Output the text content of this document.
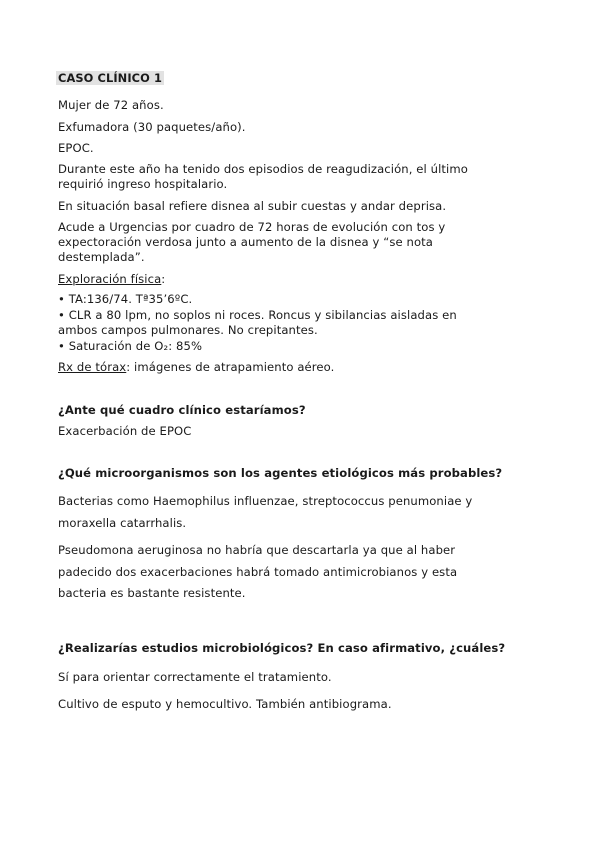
CASO CLÍNICO 1
Mujer de 72 años.
Exfumadora (30 paquetes/año).
EPOC.
Durante este año ha tenido dos episodios de reagudización, el último requirió ingreso hospitalario.
En situación basal refiere disnea al subir cuestas y andar deprisa.
Acude a Urgencias por cuadro de 72 horas de evolución con tos y expectoración verdosa junto a aumento de la disnea y “se nota destemplada”.
Exploración física:
• TA:136/74. Tª35’6ºC.
• CLR a 80 lpm, no soplos ni roces. Roncus y sibilancias aisladas en ambos campos pulmonares. No crepitantes.
• Saturación de O₂: 85%
Rx de tórax: imágenes de atrapamiento aéreo.
¿Ante qué cuadro clínico estaríamos?
Exacerbación de EPOC
¿Qué microorganismos son los agentes etiológicos más probables?
Bacterias como Haemophilus influenzae, streptococcus penumoniae y
moraxella catarrhalis.
Pseudomona aeruginosa no habría que descartarla ya que al haber
padecido dos exacerbaciones habrá tomado antimicrobianos y esta
bacteria es bastante resistente.
¿Realizarías estudios microbiológicos? En caso afirmativo, ¿cuáles?
Sí para orientar correctamente el tratamiento.
Cultivo de esputo y hemocultivo. También antibiograma.
